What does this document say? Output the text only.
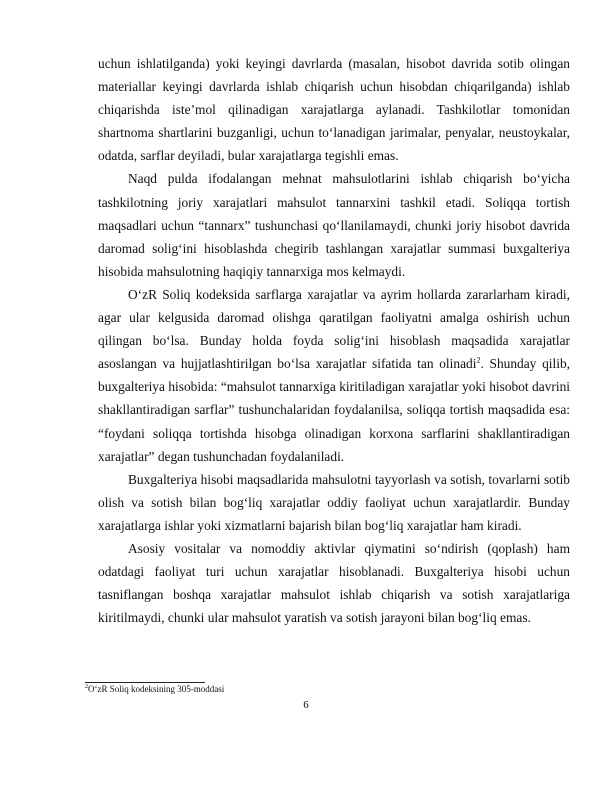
uchun ishlatilganda) yoki keyingi davrlarda (masalan, hisobot davrida sotib olingan materiallar keyingi davrlarda ishlab chiqarish uchun hisobdan chiqarilganda) ishlab chiqarishda iste’mol qilinadigan xarajatlarga aylanadi. Tashkilotlar tomonidan shartnoma shartlarini buzganligi, uchun to‘lanadigan jarimalar, penyalar, neustoykalar, odatda, sarflar deyiladi, bular xarajatlarga tegishli emas.

Naqd pulda ifodalangan mehnat mahsulotlarini ishlab chiqarish bo‘yicha tashkilotning joriy xarajatlari mahsulot tannarxini tashkil etadi. Soliqqa tortish maqsadlari uchun “tannarx” tushunchasi qo‘llanilamaydi, chunki joriy hisobot davrida daromad solig‘ini hisoblashda chegirib tashlangan xarajatlar summasi buxgalteriya hisobida mahsulotning haqiqiy tannarxiga mos kelmaydi.

O‘zR Soliq kodeksida sarflarga xarajatlar va ayrim hollarda zararlarham kiradi, agar ular kelgusida daromad olishga qaratilgan faoliyatni amalga oshirish uchun qilingan bo‘lsa. Bunday holda foyda solig‘ini hisoblash maqsadida xarajatlar asoslangan va hujjatlashtirilgan bo‘lsa xarajatlar sifatida tan olinadi$^2$. Shunday qilib, buxgalteriya hisobida: “mahsulot tannarxiga kiritiladigan xarajatlar yoki hisobot davrini shakllantiradigan sarflar” tushunchalaridan foydalanilsa, soliqqa tortish maqsadida esa: “foydani soliqqa tortishda hisobga olinadigan korxona sarflarini shakllantiradigan xarajatlar” degan tushunchadan foydalaniladi.

Buxgalteriya hisobi maqsadlarida mahsulotni tayyorlash va sotish, tovarlarni sotib olish va sotish bilan bog‘liq xarajatlar oddiy faoliyat uchun xarajatlardir. Bunday xarajatlarga ishlar yoki xizmatlarni bajarish bilan bog‘liq xarajatlar ham kiradi.

Asosiy vositalar va nomoddiy aktivlar qiymatini so‘ndirish (qoplash) ham odatdagi faoliyat turi uchun xarajatlar hisoblanadi. Buxgalteriya hisobi uchun tasniflangan boshqa xarajatlar mahsulot ishlab chiqarish va sotish xarajatlariga kiritilmaydi, chunki ular mahsulot yaratish va sotish jarayoni bilan bog‘liq emas.

$^2$O‘zR Soliq kodeksining 305-moddasi
6
